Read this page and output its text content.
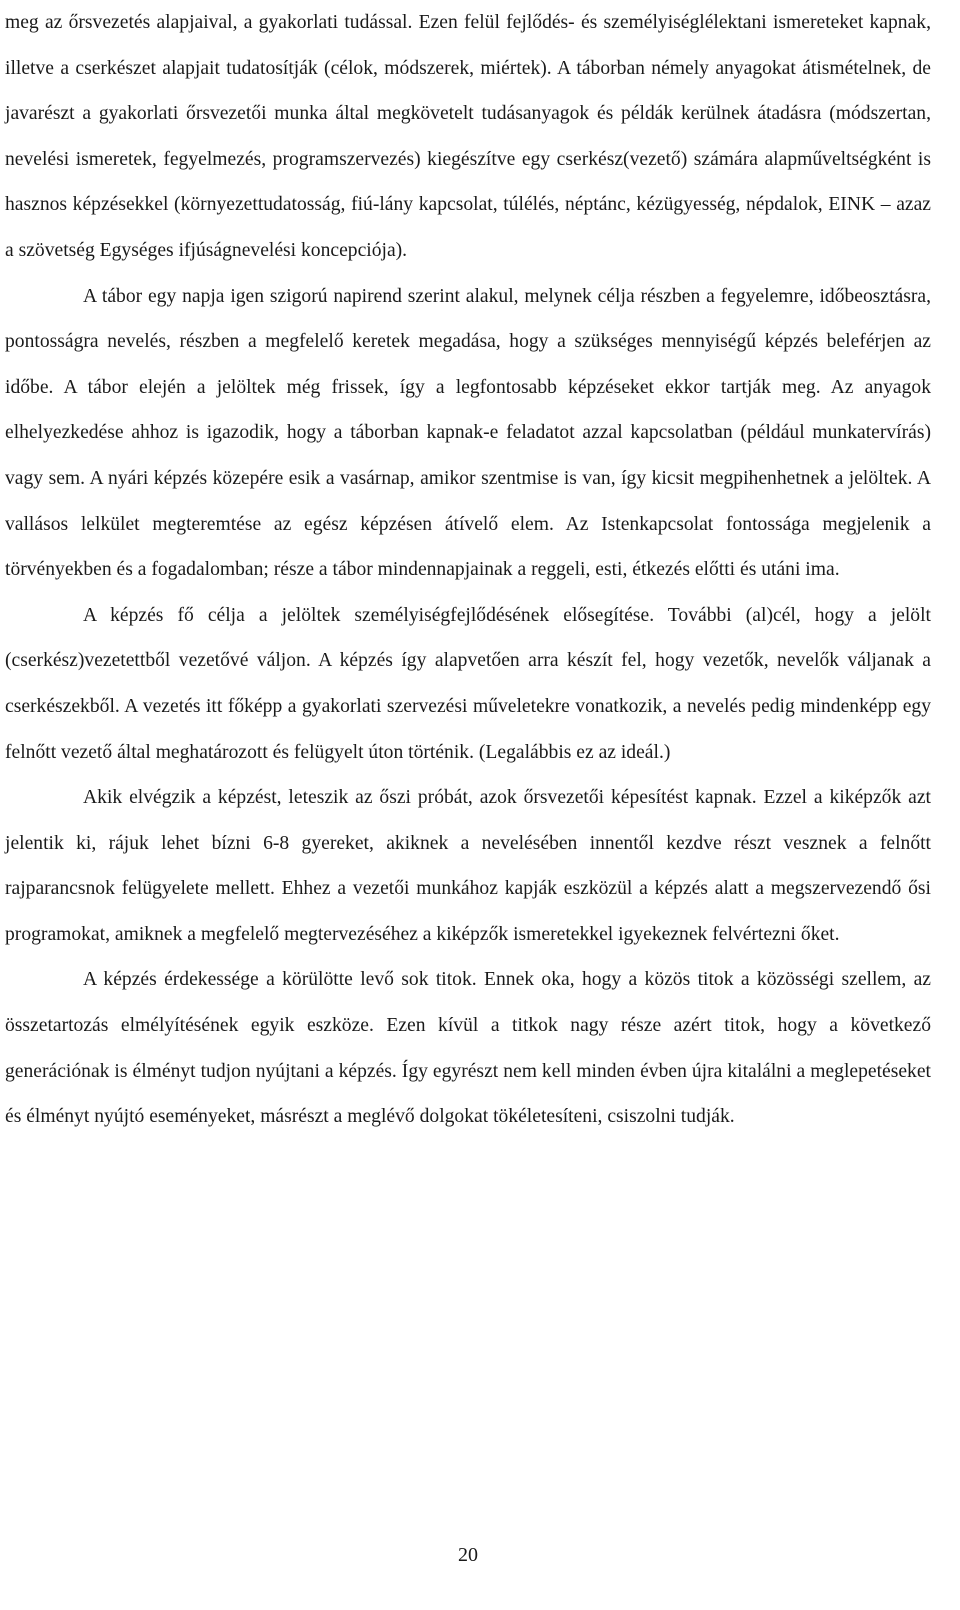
meg az őrsvezetés alapjaival, a gyakorlati tudással. Ezen felül fejlődés- és személyiséglélektani ismereteket kapnak, illetve a cserkészet alapjait tudatosítják (célok, módszerek, miértek). A táborban némely anyagokat átismételnek, de javarészt a gyakorlati őrsvezetői munka által megkövetelt tudásanyagok és példák kerülnek átadásra (módszertan, nevelési ismeretek, fegyelmezés, programszervezés) kiegészítve egy cserkész(vezető) számára alapműveltségként is hasznos képzésekkel (környezettudatosság, fiú-lány kapcsolat, túlélés, néptánc, kézügyesség, népdalok, EINK – azaz a szövetség Egységes ifjúságnevelési koncepciója).

A tábor egy napja igen szigorú napirend szerint alakul, melynek célja részben a fegyelemre, időbeosztásra, pontosságra nevelés, részben a megfelelő keretek megadása, hogy a szükséges mennyiségű képzés beleférjen az időbe. A tábor elején a jelöltek még frissek, így a legfontosabb képzéseket ekkor tartják meg. Az anyagok elhelyezkedése ahhoz is igazodik, hogy a táborban kapnak-e feladatot azzal kapcsolatban (például munkatervírás) vagy sem. A nyári képzés közepére esik a vasárnap, amikor szentmise is van, így kicsit megpihenhetnek a jelöltek. A vallásos lelkület megteremtése az egész képzésen átívelő elem. Az Istenkapcsolat fontossága megjelenik a törvényekben és a fogadalomban; része a tábor mindennapjainak a reggeli, esti, étkezés előtti és utáni ima.

A képzés fő célja a jelöltek személyiségfejlődésének elősegítése. További (al)cél, hogy a jelölt (cserkész)vezetettből vezetővé váljon. A képzés így alapvetően arra készít fel, hogy vezetők, nevelők váljanak a cserkészekből. A vezetés itt főképp a gyakorlati szervezési műveletekre vonatkozik, a nevelés pedig mindenképp egy felnőtt vezető által meghatározott és felügyelt úton történik. (Legalábbis ez az ideál.)

Akik elvégzik a képzést, leteszik az őszi próbát, azok őrsvezetői képesítést kapnak. Ezzel a kiképzők azt jelentik ki, rájuk lehet bízni 6-8 gyereket, akiknek a nevelésében innentől kezdve részt vesznek a felnőtt rajparancsnok felügyelete mellett. Ehhez a vezetői munkához kapják eszközül a képzés alatt a megszervezendő ősi programokat, amiknek a megfelelő megtervezéséhez a kiképzők ismeretekkel igyekeznek felvértezni őket.

A képzés érdekessége a körülötte levő sok titok. Ennek oka, hogy a közös titok a közösségi szellem, az összetartozás elmélyítésének egyik eszköze. Ezen kívül a titkok nagy része azért titok, hogy a következő generációnak is élményt tudjon nyújtani a képzés. Így egyrészt nem kell minden évben újra kitalálni a meglepetéseket és élményt nyújtó eseményeket, másrészt a meglévő dolgokat tökéletesíteni, csiszolni tudják.

20
